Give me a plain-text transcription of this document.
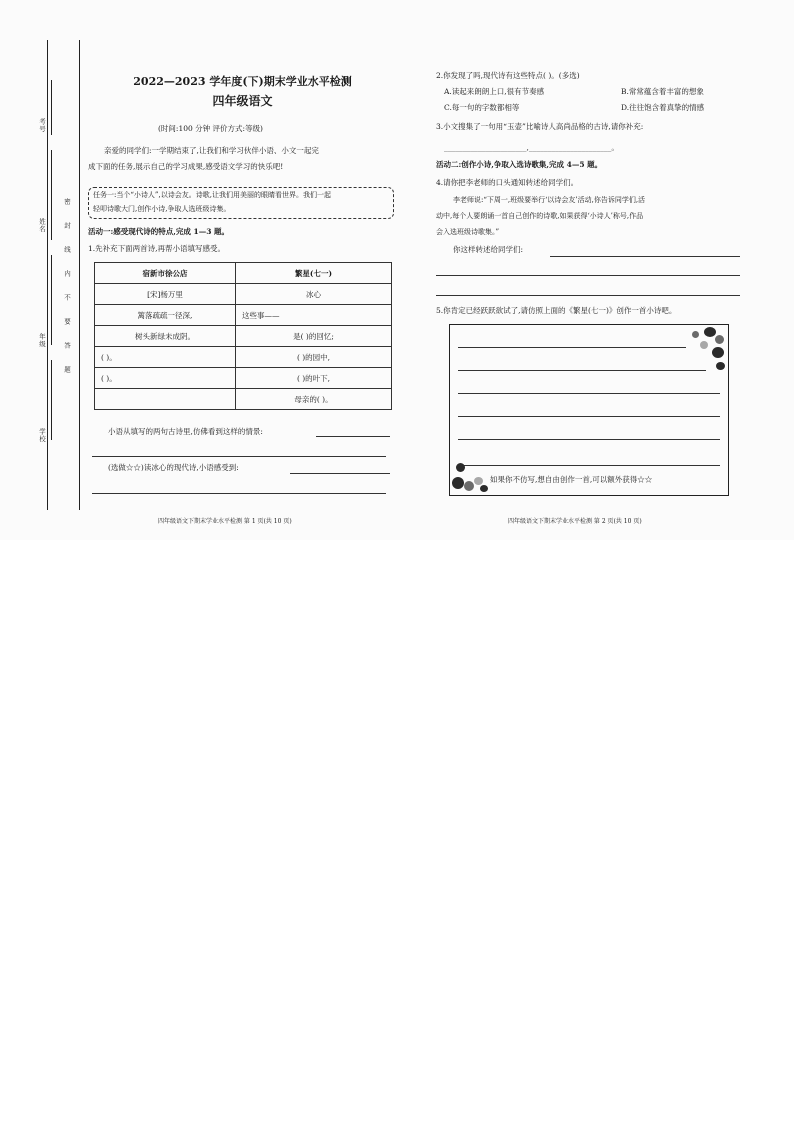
考号
姓名
年级
学校
密
封
线
内
不
要
答
题
2022—2023 学年度(下)期末学业水平检测
四年级语文
(时间:100 分钟 评价方式:等级)
亲爱的同学们:一学期结束了,让我们和学习伙伴小语、小文一起完
成下面的任务,展示自己的学习成果,感受语文学习的快乐吧!
任务一:当个“小诗人”,以诗会友。诗歌,让我们用美丽的眼睛看世界。我们一起
轻叩诗歌大门,创作小诗,争取人选班级诗集。
活动一:感受现代诗的特点,完成 1—3 题。
1.先补充下面两首诗,再帮小语填写感受。
宿新市徐公店	繁星(七一)
[宋]杨万里	冰心
篱落疏疏一径深,	这些事——
树头新绿未成阴。	是( )的回忆;
( )。	( )的园中,
( )。	( )的叶下,
	母亲的( )。
小语从填写的两句古诗里,仿佛看到这样的情景:
(选做☆☆)读冰心的现代诗,小语感受到:
四年级语文下期末学业水平检测 第 1 页(共 10 页)
2.你发现了吗,现代诗有这些特点( )。(多选)
A.读起来朗朗上口,很有节奏感	B.常常蕴含着丰富的想象
C.每一句的字数都相等	D.往往饱含着真挚的情感
3.小文搜集了一句用“玉壶”比喻诗人高尚品格的古诗,请你补充:
______________________,______________________。
活动二:创作小诗,争取入选诗歌集,完成 4—5 题。
4.请你把李老师的口头通知转述给同学们。
李老师说:“下周一,班级要举行‘以诗会友’活动,你告诉同学们,活
动中,每个人要朗诵一首自己创作的诗歌,如果获得‘小诗人’称号,作品
会入选班级诗歌集。”
你这样转述给同学们:
5.你肯定已经跃跃欲试了,请仿照上面的《繁星(七一)》创作一首小诗吧。
如果你不仿写,想自由创作一首,可以额外获得☆☆
四年级语文下期末学业水平检测 第 2 页(共 10 页)
